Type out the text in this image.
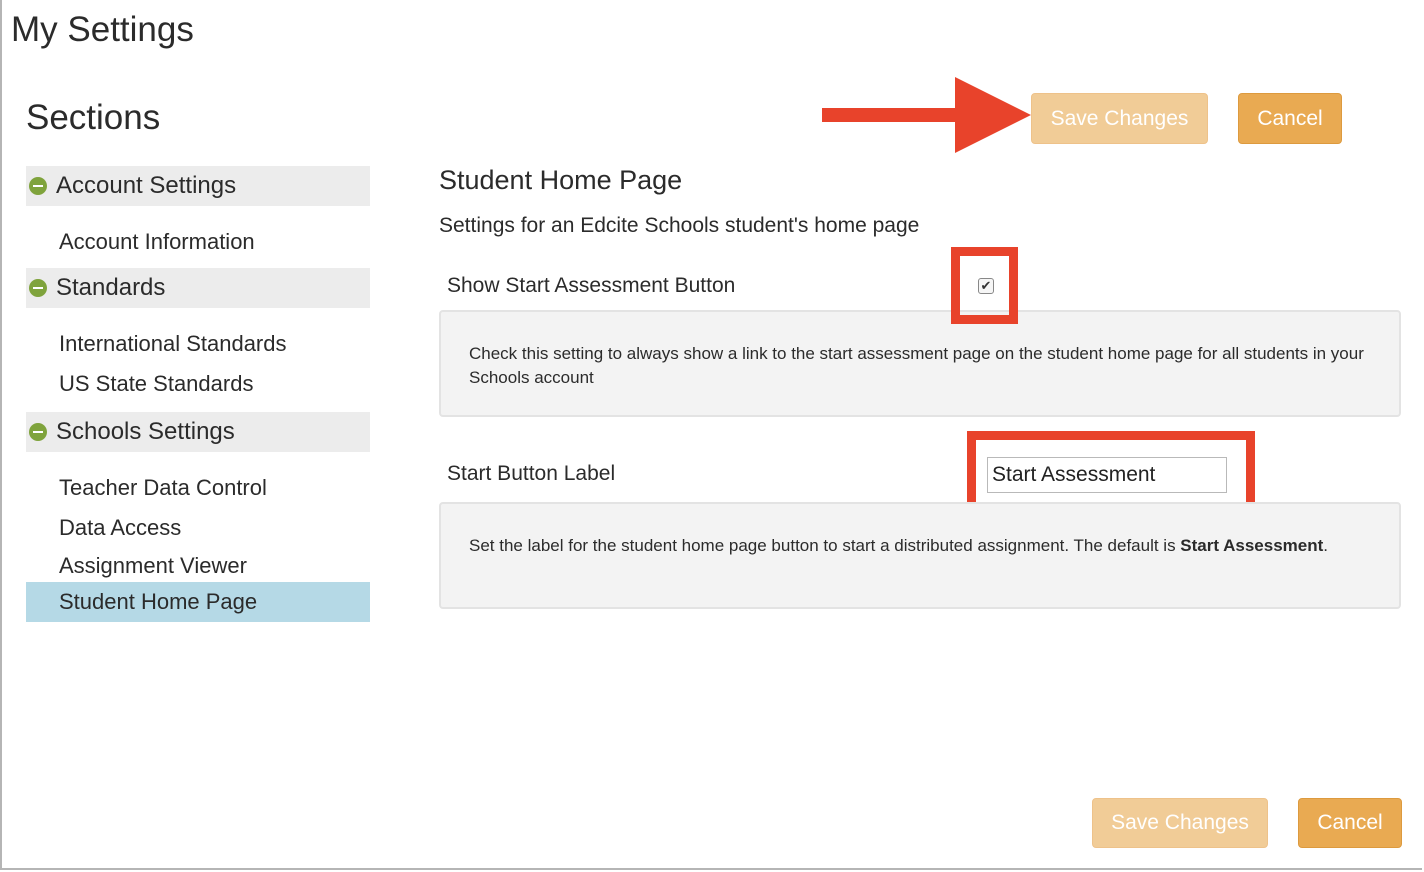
My Settings
Sections
Account Settings
Account Information
Standards
International Standards
US State Standards
Schools Settings
Teacher Data Control
Data Access
Assignment Viewer
Student Home Page
Save Changes	Cancel
Student Home Page
Settings for an Edcite Schools student's home page
Show Start Assessment Button
Check this setting to always show a link to the start assessment page on the student home page for all students in your Schools account
✔
Start Button Label
Start Assessment
Set the label for the student home page button to start a distributed assignment. The default is Start Assessment.
Save Changes	Cancel
